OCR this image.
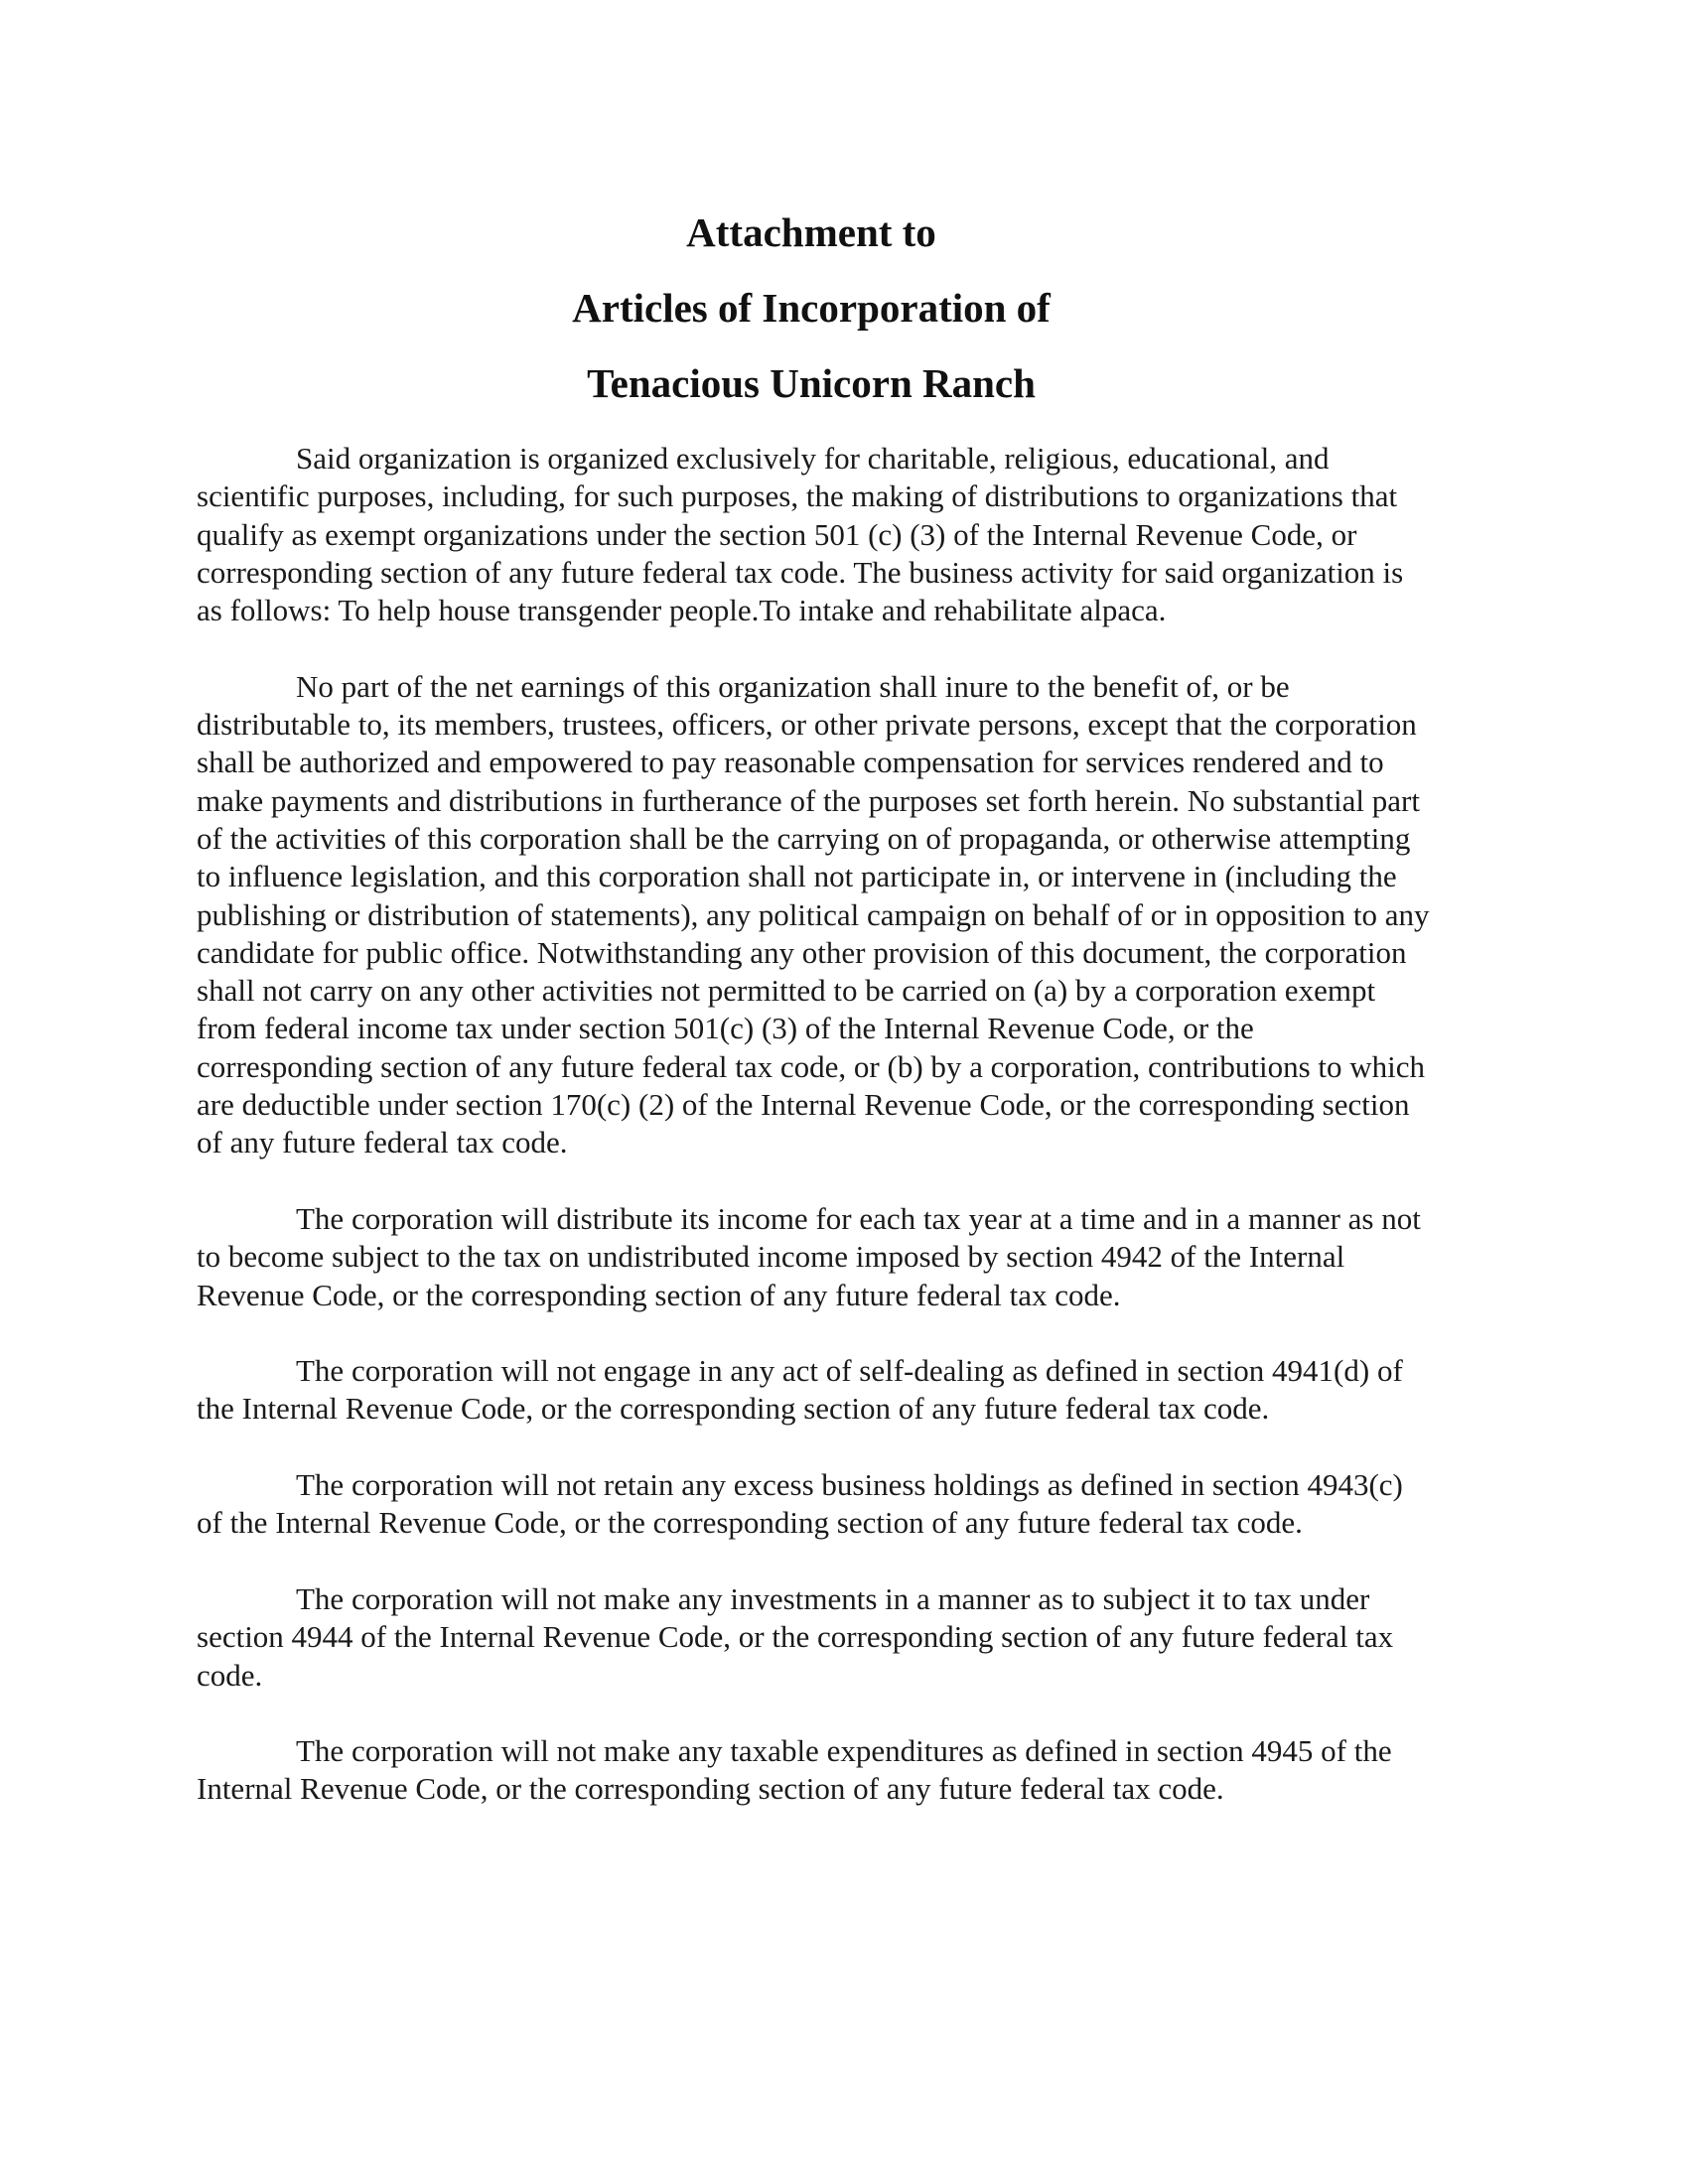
Attachment to

Articles of Incorporation of

Tenacious Unicorn Ranch

Said organization is organized exclusively for charitable, religious, educational, and scientific purposes, including, for such purposes, the making of distributions to organizations that qualify as exempt organizations under the section 501 (c) (3) of the Internal Revenue Code, or corresponding section of any future federal tax code. The business activity for said organization is as follows: To help house transgender people.To intake and rehabilitate alpaca.

No part of the net earnings of this organization shall inure to the benefit of, or be distributable to, its members, trustees, officers, or other private persons, except that the corporation shall be authorized and empowered to pay reasonable compensation for services rendered and to make payments and distributions in furtherance of the purposes set forth herein. No substantial part of the activities of this corporation shall be the carrying on of propaganda, or otherwise attempting to influence legislation, and this corporation shall not participate in, or intervene in (including the publishing or distribution of statements), any political campaign on behalf of or in opposition to any candidate for public office. Notwithstanding any other provision of this document, the corporation shall not carry on any other activities not permitted to be carried on (a) by a corporation exempt from federal income tax under section 501(c) (3) of the Internal Revenue Code, or the corresponding section of any future federal tax code, or (b) by a corporation, contributions to which are deductible under section 170(c) (2) of the Internal Revenue Code, or the corresponding section of any future federal tax code.

The corporation will distribute its income for each tax year at a time and in a manner as not to become subject to the tax on undistributed income imposed by section 4942 of the Internal Revenue Code, or the corresponding section of any future federal tax code.

The corporation will not engage in any act of self-dealing as defined in section 4941(d) of the Internal Revenue Code, or the corresponding section of any future federal tax code.

The corporation will not retain any excess business holdings as defined in section 4943(c) of the Internal Revenue Code, or the corresponding section of any future federal tax code.

The corporation will not make any investments in a manner as to subject it to tax under section 4944 of the Internal Revenue Code, or the corresponding section of any future federal tax code.

The corporation will not make any taxable expenditures as defined in section 4945 of the Internal Revenue Code, or the corresponding section of any future federal tax code.
